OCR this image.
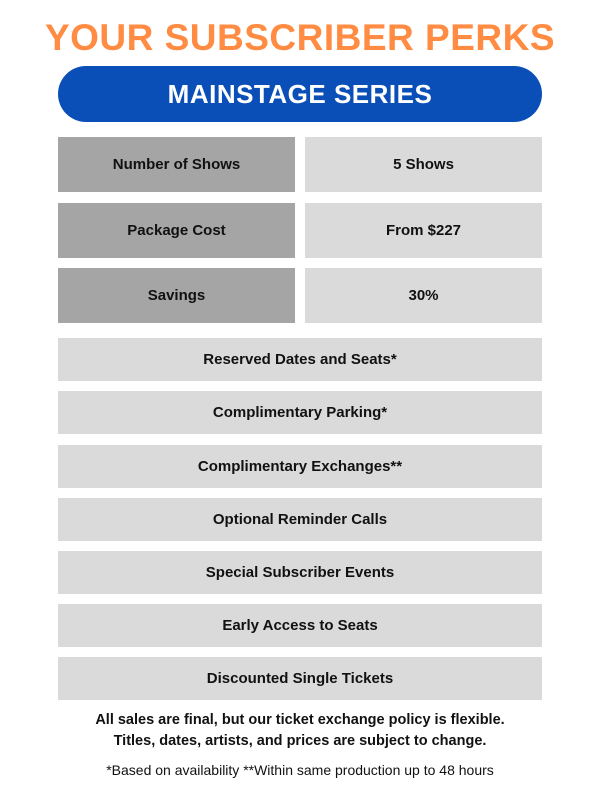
YOUR SUBSCRIBER PERKS
MAINSTAGE SERIES
Number of Shows	5 Shows
Package Cost	From $227
Savings	30%
Reserved Dates and Seats*
Complimentary Parking*
Complimentary Exchanges**
Optional Reminder Calls
Special Subscriber Events
Early Access to Seats
Discounted Single Tickets
All sales are final, but our ticket exchange policy is flexible.
Titles, dates, artists, and prices are subject to change.
*Based on availability **Within same production up to 48 hours
